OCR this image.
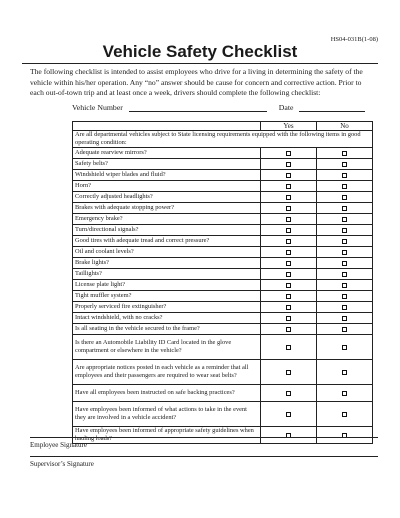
HS04-031B(1-08)
Vehicle Safety Checklist
The following checklist is intended to assist employees who drive for a living in determining the safety of the vehicle within his/her operation. Any “no” answer should be cause for concern and corrective action. Prior to each out-of-town trip and at least once a week, drivers should complete the following checklist:
Vehicle Number	Date
Yes	No
Are all departmental vehicles subject to State licensing requirements equipped with the following items in good operating condition:
Adequate rearview mirrors?
Safety belts?
Windshield wiper blades and fluid?
Horn?
Correctly adjusted headlights?
Brakes with adequate stopping power?
Emergency brake?
Turn/directional signals?
Good tires with adequate tread and correct pressure?
Oil and coolant levels?
Brake lights?
Taillights?
License plate light?
Tight muffler system?
Properly serviced fire extinguisher?
Intact windshield, with no cracks?
Is all seating in the vehicle secured to the frame?
Is there an Automobile Liability ID Card located in the glove compartment or elsewhere in the vehicle?
Are appropriate notices posted in each vehicle as a reminder that all employees and their passengers are required to wear seat belts?
Have all employees been instructed on safe backing practices?
Have employees been informed of what actions to take in the event they are involved in a vehicle accident?
Have employees been informed of appropriate safety guidelines when hauling loads?
Employee Signature
Supervisor’s Signature
